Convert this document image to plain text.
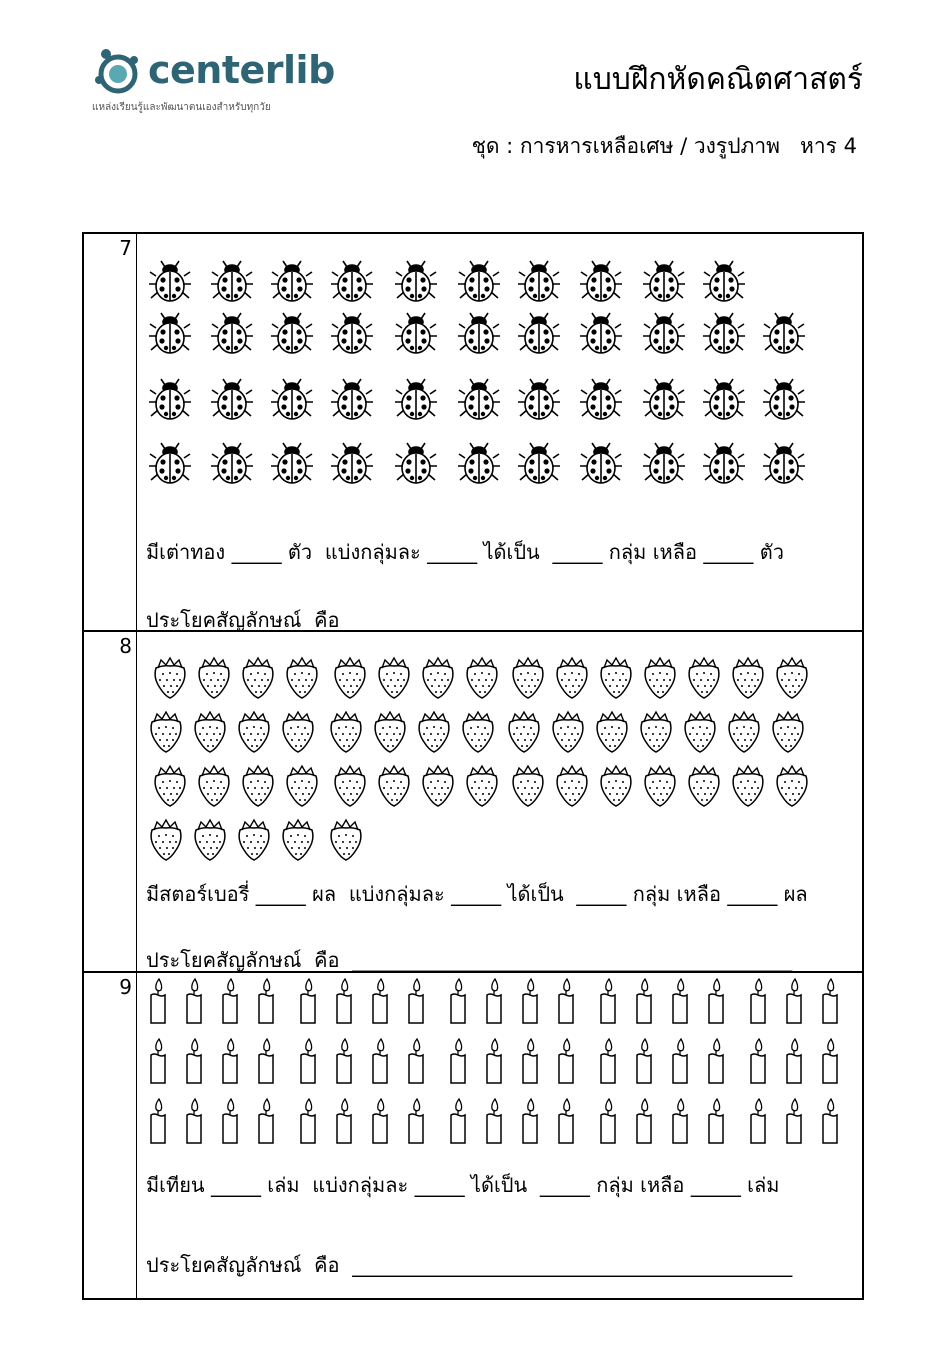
centerlib
แหล่งเรียนรู้และพัฒนาตนเองสำหรับทุกวัย
แบบฝึกหัดคณิตศาสตร์
ชุด : การหารเหลือเศษ / วงรูปภาพ หาร 4
7
มีเต่าทอง _____ ตัว  แบ่งกลุ่มละ _____ ได้เป็น  _____ กลุ่ม เหลือ _____ ตัว
ประโยคสัญลักษณ์  คือ ____________________________________________
8
มีสตอร์เบอรี่ _____ ผล  แบ่งกลุ่มละ _____ ได้เป็น  _____ กลุ่ม เหลือ _____ ผล
ประโยคสัญลักษณ์  คือ ____________________________________________
9
มีเทียน _____ เล่ม  แบ่งกลุ่มละ _____ ได้เป็น  _____ กลุ่ม เหลือ _____ เล่ม
ประโยคสัญลักษณ์  คือ ____________________________________________
